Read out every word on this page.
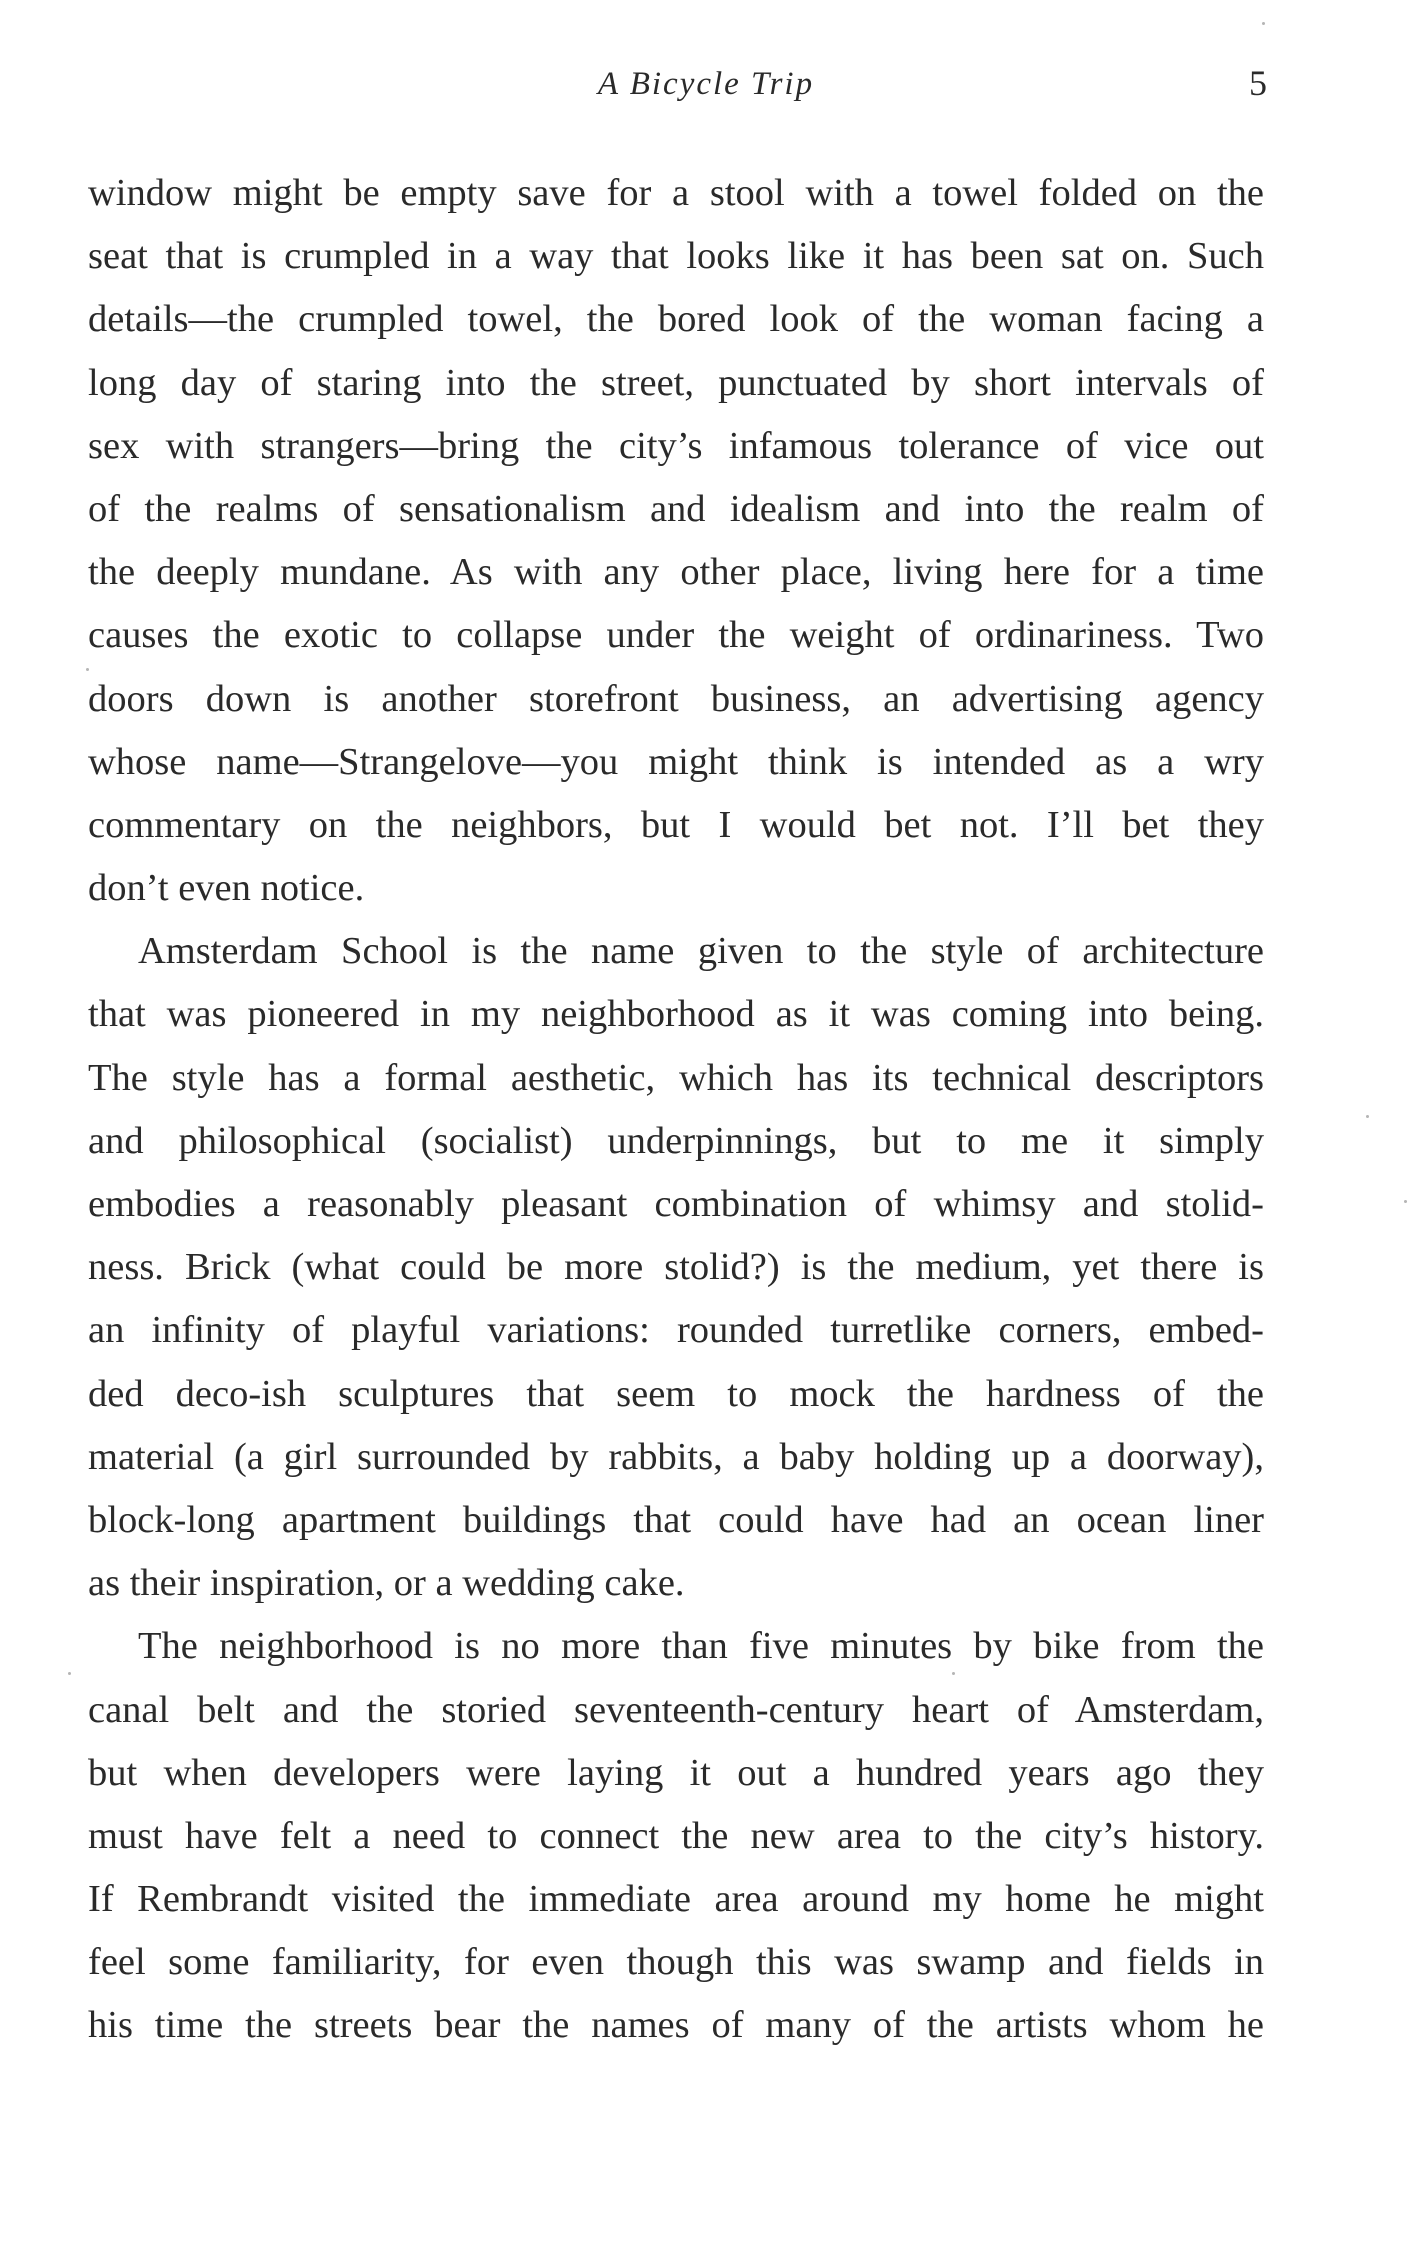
A Bicycle Trip	5
window might be empty save for a stool with a towel folded on the
seat that is crumpled in a way that looks like it has been sat on. Such
details—the crumpled towel, the bored look of the woman facing a
long day of staring into the street, punctuated by short intervals of
sex with strangers—bring the city’s infamous tolerance of vice out
of the realms of sensationalism and idealism and into the realm of
the deeply mundane. As with any other place, living here for a time
causes the exotic to collapse under the weight of ordinariness. Two
doors down is another storefront business, an advertising agency
whose name—Strangelove—you might think is intended as a wry
commentary on the neighbors, but I would bet not. I’ll bet they
don’t even notice.
Amsterdam School is the name given to the style of architecture
that was pioneered in my neighborhood as it was coming into being.
The style has a formal aesthetic, which has its technical descriptors
and philosophical (socialist) underpinnings, but to me it simply
embodies a reasonably pleasant combination of whimsy and stolid-
ness. Brick (what could be more stolid?) is the medium, yet there is
an infinity of playful variations: rounded turretlike corners, embed-
ded deco-ish sculptures that seem to mock the hardness of the
material (a girl surrounded by rabbits, a baby holding up a doorway),
block-long apartment buildings that could have had an ocean liner
as their inspiration, or a wedding cake.
The neighborhood is no more than five minutes by bike from the
canal belt and the storied seventeenth-century heart of Amsterdam,
but when developers were laying it out a hundred years ago they
must have felt a need to connect the new area to the city’s history.
If Rembrandt visited the immediate area around my home he might
feel some familiarity, for even though this was swamp and fields in
his time the streets bear the names of many of the artists whom he
